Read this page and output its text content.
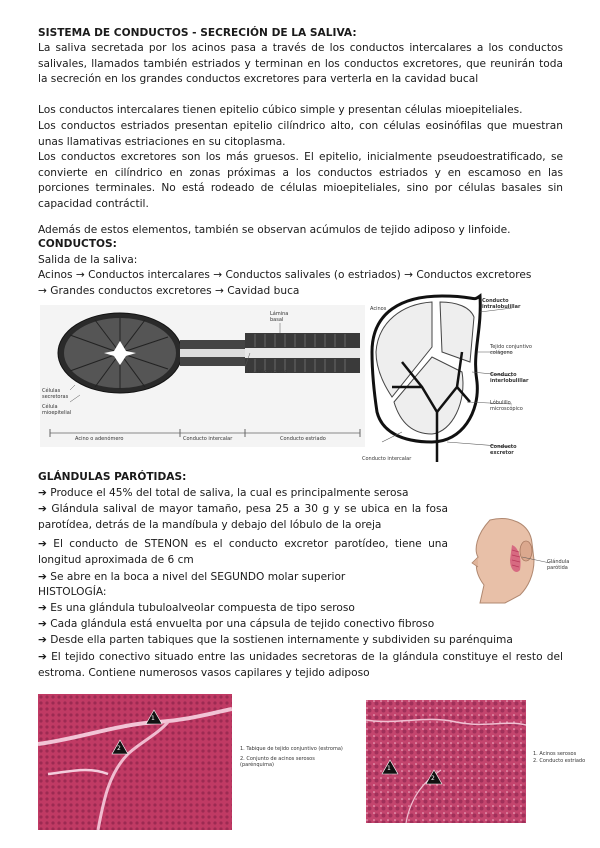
SISTEMA DE CONDUCTOS - SECRECIÓN DE LA SALIVA:
La saliva secretada por los acinos pasa a través de los conductos intercalares a los conductos salivales, llamados también estriados y terminan en los conductos excretores, que reunirán toda la secreción en los grandes conductos excretores para verterla en la cavidad bucal
Los conductos intercalares tienen epitelio cúbico simple y presentan células mioepiteliales.
Los conductos estriados presentan epitelio cilíndrico alto, con células eosinófilas que muestran unas llamativas estriaciones en su citoplasma.
Los conductos excretores son los más gruesos. El epitelio, inicialmente pseudoestratificado, se convierte en cilíndrico en zonas próximas a los conductos estriados y en escamoso en las porciones terminales. No está rodeado de células mioepiteliales, sino por células basales sin capacidad contráctil.
Además de estos elementos, también se observan acúmulos de tejido adiposo y linfoide.
CONDUCTOS:
Salida de la saliva:
Acinos → Conductos intercalares → Conductos salivales (o estriados) → Conductos excretores
→ Grandes conductos excretores → Cavidad buca
Lámina basal
Luz del conducto
Células secretoras
Célula mioepitelial
Acino o adenómero	Conducto intercalar	Conducto estriado
Acinos
Conducto intralobulillar
Tejido conjuntivo colágeno
Conducto interlobulillar
Lóbulillo microscópico
Conducto excretor
Conducto intercalar
GLÁNDULAS PARÓTIDAS:
➔ Produce el 45% del total de saliva, la cual es principalmente serosa
➔ Glándula salival de mayor tamaño, pesa 25 a 30 g y se ubica en la fosa parotídea, detrás de la mandíbula y debajo del lóbulo de la oreja
➔ El conducto de STENON es el conducto excretor parotídeo, tiene una longitud aproximada de 6 cm
➔ Se abre en la boca a nivel del SEGUNDO molar superior
HISTOLOGÍA:
➔ Es una glándula tubuloalveolar compuesta de tipo seroso
➔ Cada glándula está envuelta por una cápsula de tejido conectivo fibroso
➔ Desde ella parten tabiques que la sostienen internamente y subdividen su parénquima
➔ El tejido conectivo situado entre las unidades secretoras de la glándula constituye el resto del estroma. Contiene numerosos vasos capilares y tejido adiposo
Glándula parótida
1
2	1. Tabique de tejido conjuntivo (estroma)
2. Conjunto de acinos serosos (parénquima)	1
2
1. Acinos serosos
2. Conducto estriado
